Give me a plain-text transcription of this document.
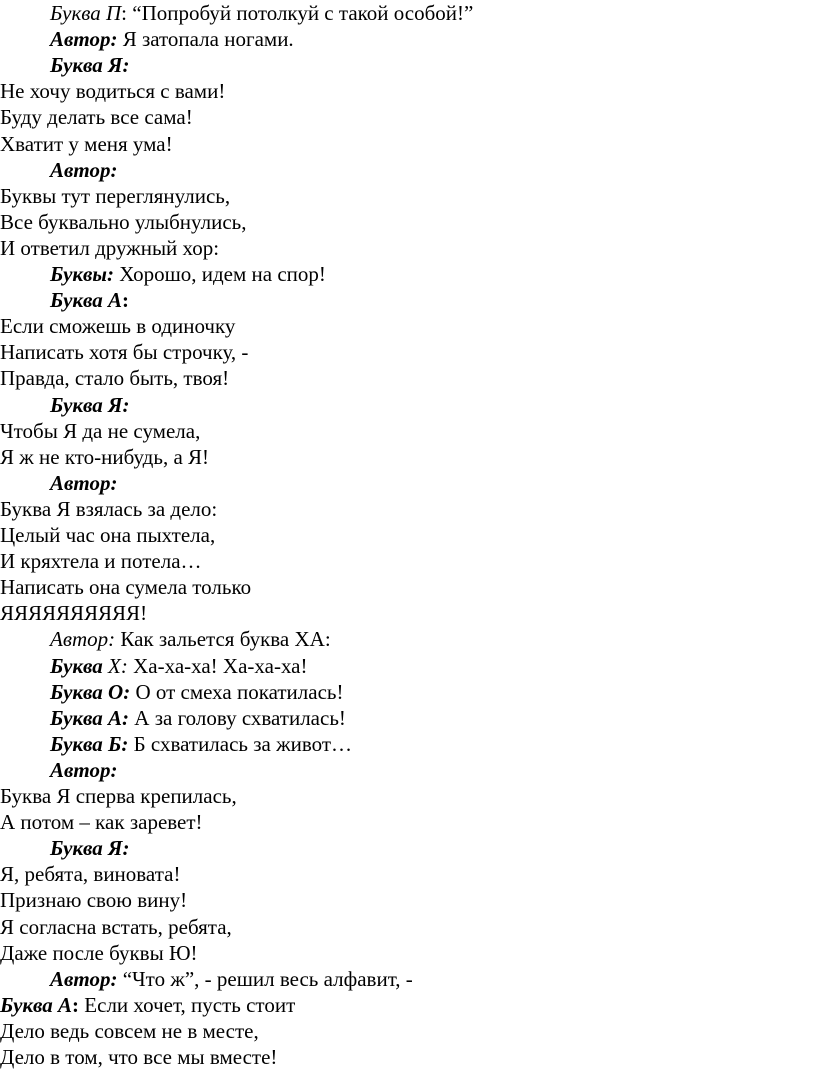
Буква П: “Попробуй потолкуй с такой особой!”
Автор: Я затопала ногами.
Буква Я:
Не хочу водиться с вами!
Буду делать все сама!
Хватит у меня ума!
Автор:
Буквы тут переглянулись,
Все буквально улыбнулись,
И ответил дружный хор:
Буквы: Хорошо, идем на спор!
Буква А:
Если сможешь в одиночку
Написать хотя бы строчку, -
Правда, стало быть, твоя!
Буква Я:
Чтобы Я да не сумела,
Я ж не кто-нибудь, а Я!
Автор:
Буква Я взялась за дело:
Целый час она пыхтела,
И кряхтела и потела…
Написать она сумела только
ЯЯЯЯЯЯЯЯЯЯ!
Автор: Как зальется буква ХА:
Буква Х: Ха-ха-ха! Ха-ха-ха!
Буква О: О от смеха покатилась!
Буква А: А за голову схватилась!
Буква Б: Б схватилась за живот…
Автор:
Буква Я сперва крепилась,
А потом – как заревет!
Буква Я:
Я, ребята, виновата!
Признаю свою вину!
Я согласна встать, ребята,
Даже после буквы Ю!
Автор: “Что ж”, - решил весь алфавит, -
Буква А: Если хочет, пусть стоит
Дело ведь совсем не в месте,
Дело в том, что все мы вместе!
